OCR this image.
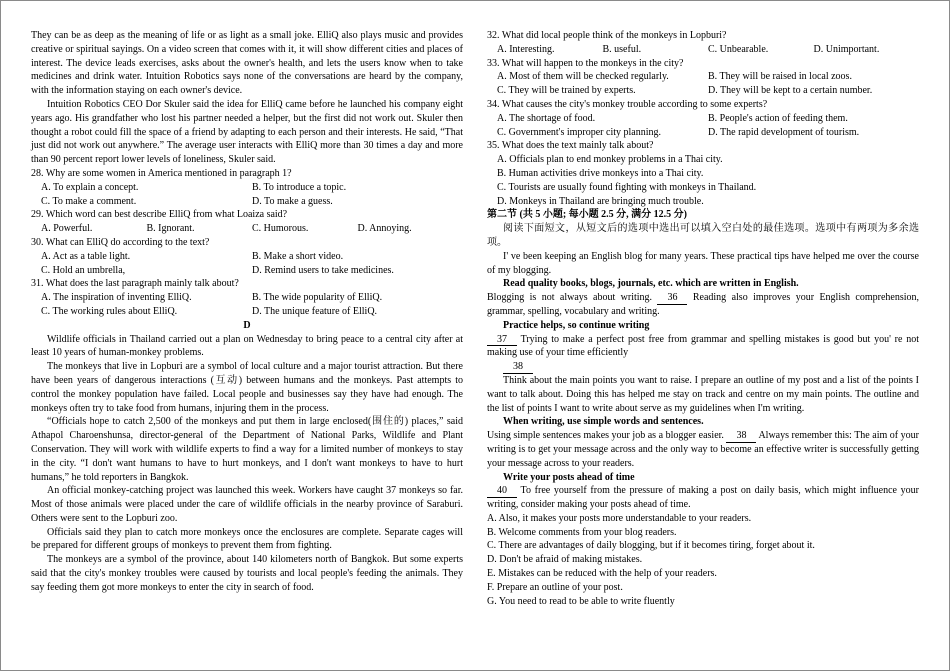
They can be as deep as the meaning of life or as light as a small joke. ElliQ also plays music and provides creative or spiritual sayings. On a video screen that comes with it, it will show different cities and places of interest. The device leads exercises, asks about the owner's health, and lets the users know when to take medicines and drink water. Intuition Robotics says none of the conversations are heard by the company, with the information staying on each owner's device.
Intuition Robotics CEO Dor Skuler said the idea for ElliQ came before he launched his company eight years ago. His grandfather who lost his partner needed a helper, but the first did not work out. Skuler then thought a robot could fill the space of a friend by adapting to each person and their interests. He said, “That just did not work out anywhere.” The average user interacts with ElliQ more than 30 times a day and more than 90 percent report lower levels of loneliness, Skuler said.
28. Why are some women in America mentioned in paragraph 1?
A. To explain a concept.	B. To introduce a topic.
C. To make a comment.	D. To make a guess.
29. Which word can best describe ElliQ from what Loaiza said?
A. Powerful.	B. Ignorant.	C. Humorous.	D. Annoying.
30. What can ElliQ do according to the text?
A. Act as a table light.	B. Make a short video.
C. Hold an umbrella,	D. Remind users to take medicines.
31. What does the last paragraph mainly talk about?
A. The inspiration of inventing ElliQ.	B. The wide popularity of ElliQ.
C. The working rules about ElliQ.	D. The unique feature of ElliQ.
D
Wildlife officials in Thailand carried out a plan on Wednesday to bring peace to a central city after at least 10 years of human-monkey problems.
The monkeys that live in Lopburi are a symbol of local culture and a major tourist attraction. But there have been years of dangerous interactions (互动) between humans and the monkeys. Past attempts to control the monkey population have failed. Local people and businesses say they have had enough. The monkeys often try to take food from humans, injuring them in the process.
“Officials hope to catch 2,500 of the monkeys and put them in large enclosed(围住的) places,” said Athapol Charoenshunsa, director-general of the Department of National Parks, Wildlife and Plant Conservation. They will work with wildlife experts to find a way for a limited number of monkeys to stay in the city. “I don't want humans to have to hurt monkeys, and I don't want monkeys to have to hurt humans,” he told reporters in Bangkok.
An official monkey-catching project was launched this week. Workers have caught 37 monkeys so far. Most of those animals were placed under the care of wildlife officials in the nearby province of Saraburi. Others were sent to the Lopburi zoo.
Officials said they plan to catch more monkeys once the enclosures are complete. Separate cages will be prepared for different groups of monkeys to prevent them from fighting.
The monkeys are a symbol of the province, about 140 kilometers north of Bangkok. But some experts said that the city's monkey troubles were caused by tourists and local people's feeding the animals. They say feeding them got more monkeys to enter the city in search of food.
32. What did local people think of the monkeys in Lopburi?
A. Interesting.	B. useful.	C. Unbearable.	D. Unimportant.
33. What will happen to the monkeys in the city?
A. Most of them will be checked regularly.	B. They will be raised in local zoos.
C. They will be trained by experts.	D. They will be kept to a certain number.
34. What causes the city's monkey trouble according to some experts?
A. The shortage of food.	B. People's action of feeding them.
C. Government's improper city planning.	D. The rapid development of tourism.
35. What does the text mainly talk about?
A. Officials plan to end monkey problems in a Thai city.
B. Human activities drive monkeys into a Thai city.
C. Tourists are usually found fighting with monkeys in Thailand.
D. Monkeys in Thailand are bringing much trouble.
第二节 (共 5 小题; 每小题 2.5 分, 满分 12.5 分)
阅读下面短文，从短文后的选项中选出可以填入空白处的最佳选项。选项中有两项为多余选项。
I' ve been keeping an English blog for many years. These practical tips have helped me over the course of my blogging.
Read quality books, blogs, journals, etc. which are written in English.
Blogging is not always about writing. 36 Reading also improves your English comprehension, grammar, spelling, vocabulary and writing.
Practice helps, so continue writing
37 Trying to make a perfect post free from grammar and spelling mistakes is good but you' re not making use of your time efficiently
38
Think about the main points you want to raise. I prepare an outline of my post and a list of the points I want to talk about. Doing this has helped me stay on track and centre on my main points. The outline and the list of points I want to write about serve as my guidelines when I'm writing.
When writing, use simple words and sentences.
Using simple sentences makes your job as a blogger easier. 38 Always remember this: The aim of your writing is to get your message across and the only way to become an effective writer is successfully getting your message across to your readers.
Write your posts ahead of time
40 To free yourself from the pressure of making a post on daily basis, which might influence your writing, consider making your posts ahead of time.
A. Also, it makes your posts more understandable to your readers.
B. Welcome comments from your blog readers.
C. There are advantages of daily blogging, but if it becomes tiring, forget about it.
D. Don't be afraid of making mistakes.
E. Mistakes can be reduced with the help of your readers.
F. Prepare an outline of your post.
G. You need to read to be able to write fluently
